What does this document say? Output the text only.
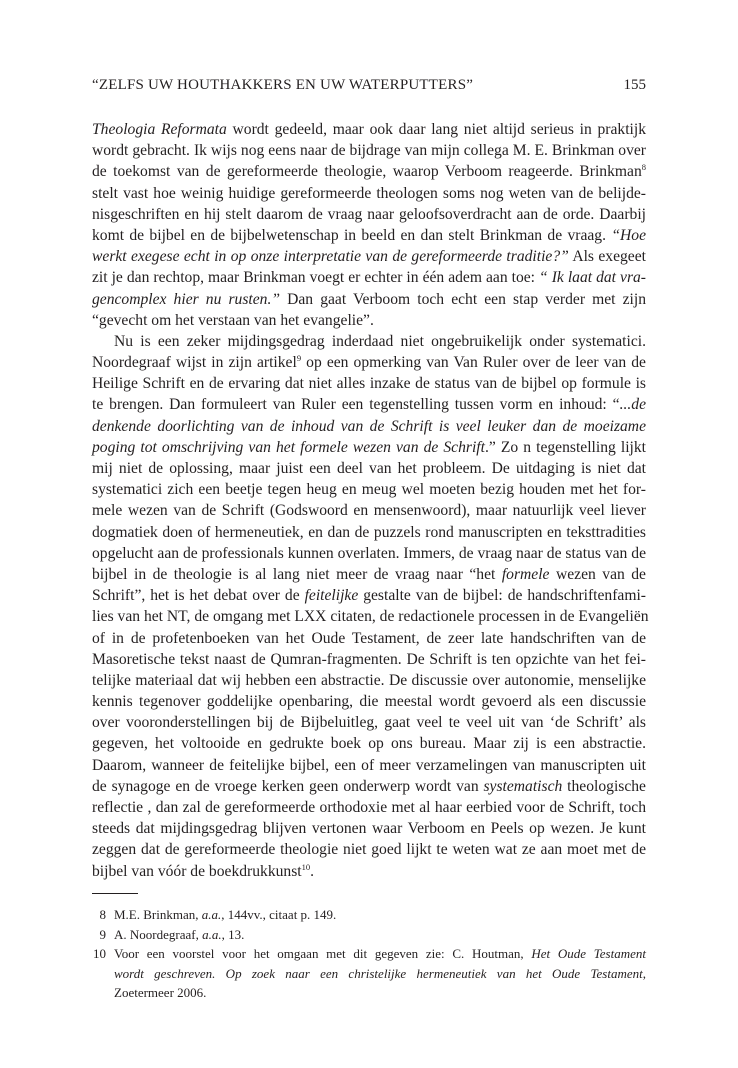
“ZELFS UW HOUTHAKKERS EN UW WATERPUTTERS”	155
Theologia Reformata wordt gedeeld, maar ook daar lang niet altijd serieus in praktijk
wordt gebracht. Ik wijs nog eens naar de bijdrage van mijn collega M. E. Brinkman over
de toekomst van de gereformeerde theologie, waarop Verboom reageerde. Brinkman$^8$
stelt vast hoe weinig huidige gereformeerde theologen soms nog weten van de belijde-
nisgeschriften en hij stelt daarom de vraag naar geloofsoverdracht aan de orde. Daarbij
komt de bijbel en de bijbelwetenschap in beeld en dan stelt Brinkman de vraag. “Hoe
werkt exegese echt in op onze interpretatie van de gereformeerde traditie?” Als exegeet
zit je dan rechtop, maar Brinkman voegt er echter in één adem aan toe: “ Ik laat dat vra-
gencomplex hier nu rusten.” Dan gaat Verboom toch echt een stap verder met zijn
“gevecht om het verstaan van het evangelie”.
Nu is een zeker mijdingsgedrag inderdaad niet ongebruikelijk onder systematici.
Noordegraaf wijst in zijn artikel$^9$ op een opmerking van Van Ruler over de leer van de
Heilige Schrift en de ervaring dat niet alles inzake de status van de bijbel op formule is
te brengen. Dan formuleert van Ruler een tegenstelling tussen vorm en inhoud: “...de
denkende doorlichting van de inhoud van de Schrift is veel leuker dan de moeizame
poging tot omschrijving van het formele wezen van de Schrift.” Zo n tegenstelling lijkt
mij niet de oplossing, maar juist een deel van het probleem. De uitdaging is niet dat
systematici zich een beetje tegen heug en meug wel moeten bezig houden met het for-
mele wezen van de Schrift (Godswoord en mensenwoord), maar natuurlijk veel liever
dogmatiek doen of hermeneutiek, en dan de puzzels rond manuscripten en teksttradities
opgelucht aan de professionals kunnen overlaten. Immers, de vraag naar de status van de
bijbel in de theologie is al lang niet meer de vraag naar “het formele wezen van de
Schrift”, het is het debat over de feitelijke gestalte van de bijbel: de handschriftenfami-
lies van het NT, de omgang met LXX citaten, de redactionele processen in de Evangeliën
of in de profetenboeken van het Oude Testament, de zeer late handschriften van de
Masoretische tekst naast de Qumran-fragmenten. De Schrift is ten opzichte van het fei-
telijke materiaal dat wij hebben een abstractie. De discussie over autonomie, menselijke
kennis tegenover goddelijke openbaring, die meestal wordt gevoerd als een discussie
over vooronderstellingen bij de Bijbeluitleg, gaat veel te veel uit van ‘de Schrift’ als
gegeven, het voltooide en gedrukte boek op ons bureau. Maar zij is een abstractie.
Daarom, wanneer de feitelijke bijbel, een of meer verzamelingen van manuscripten uit
de synagoge en de vroege kerken geen onderwerp wordt van systematisch theologische
reflectie , dan zal de gereformeerde orthodoxie met al haar eerbied voor de Schrift, toch
steeds dat mijdingsgedrag blijven vertonen waar Verboom en Peels op wezen. Je kunt
zeggen dat de gereformeerde theologie niet goed lijkt te weten wat ze aan moet met de
bijbel van vóór de boekdrukkunst$^{10}$.

8 M.E. Brinkman, a.a., 144vv., citaat p. 149.

9 A. Noordegraaf, a.a., 13.

10 Voor een voorstel voor het omgaan met dit gegeven zie: C. Houtman, Het Oude Testament
wordt geschreven. Op zoek naar een christelijke hermeneutiek van het Oude Testament,
Zoetermeer 2006.
